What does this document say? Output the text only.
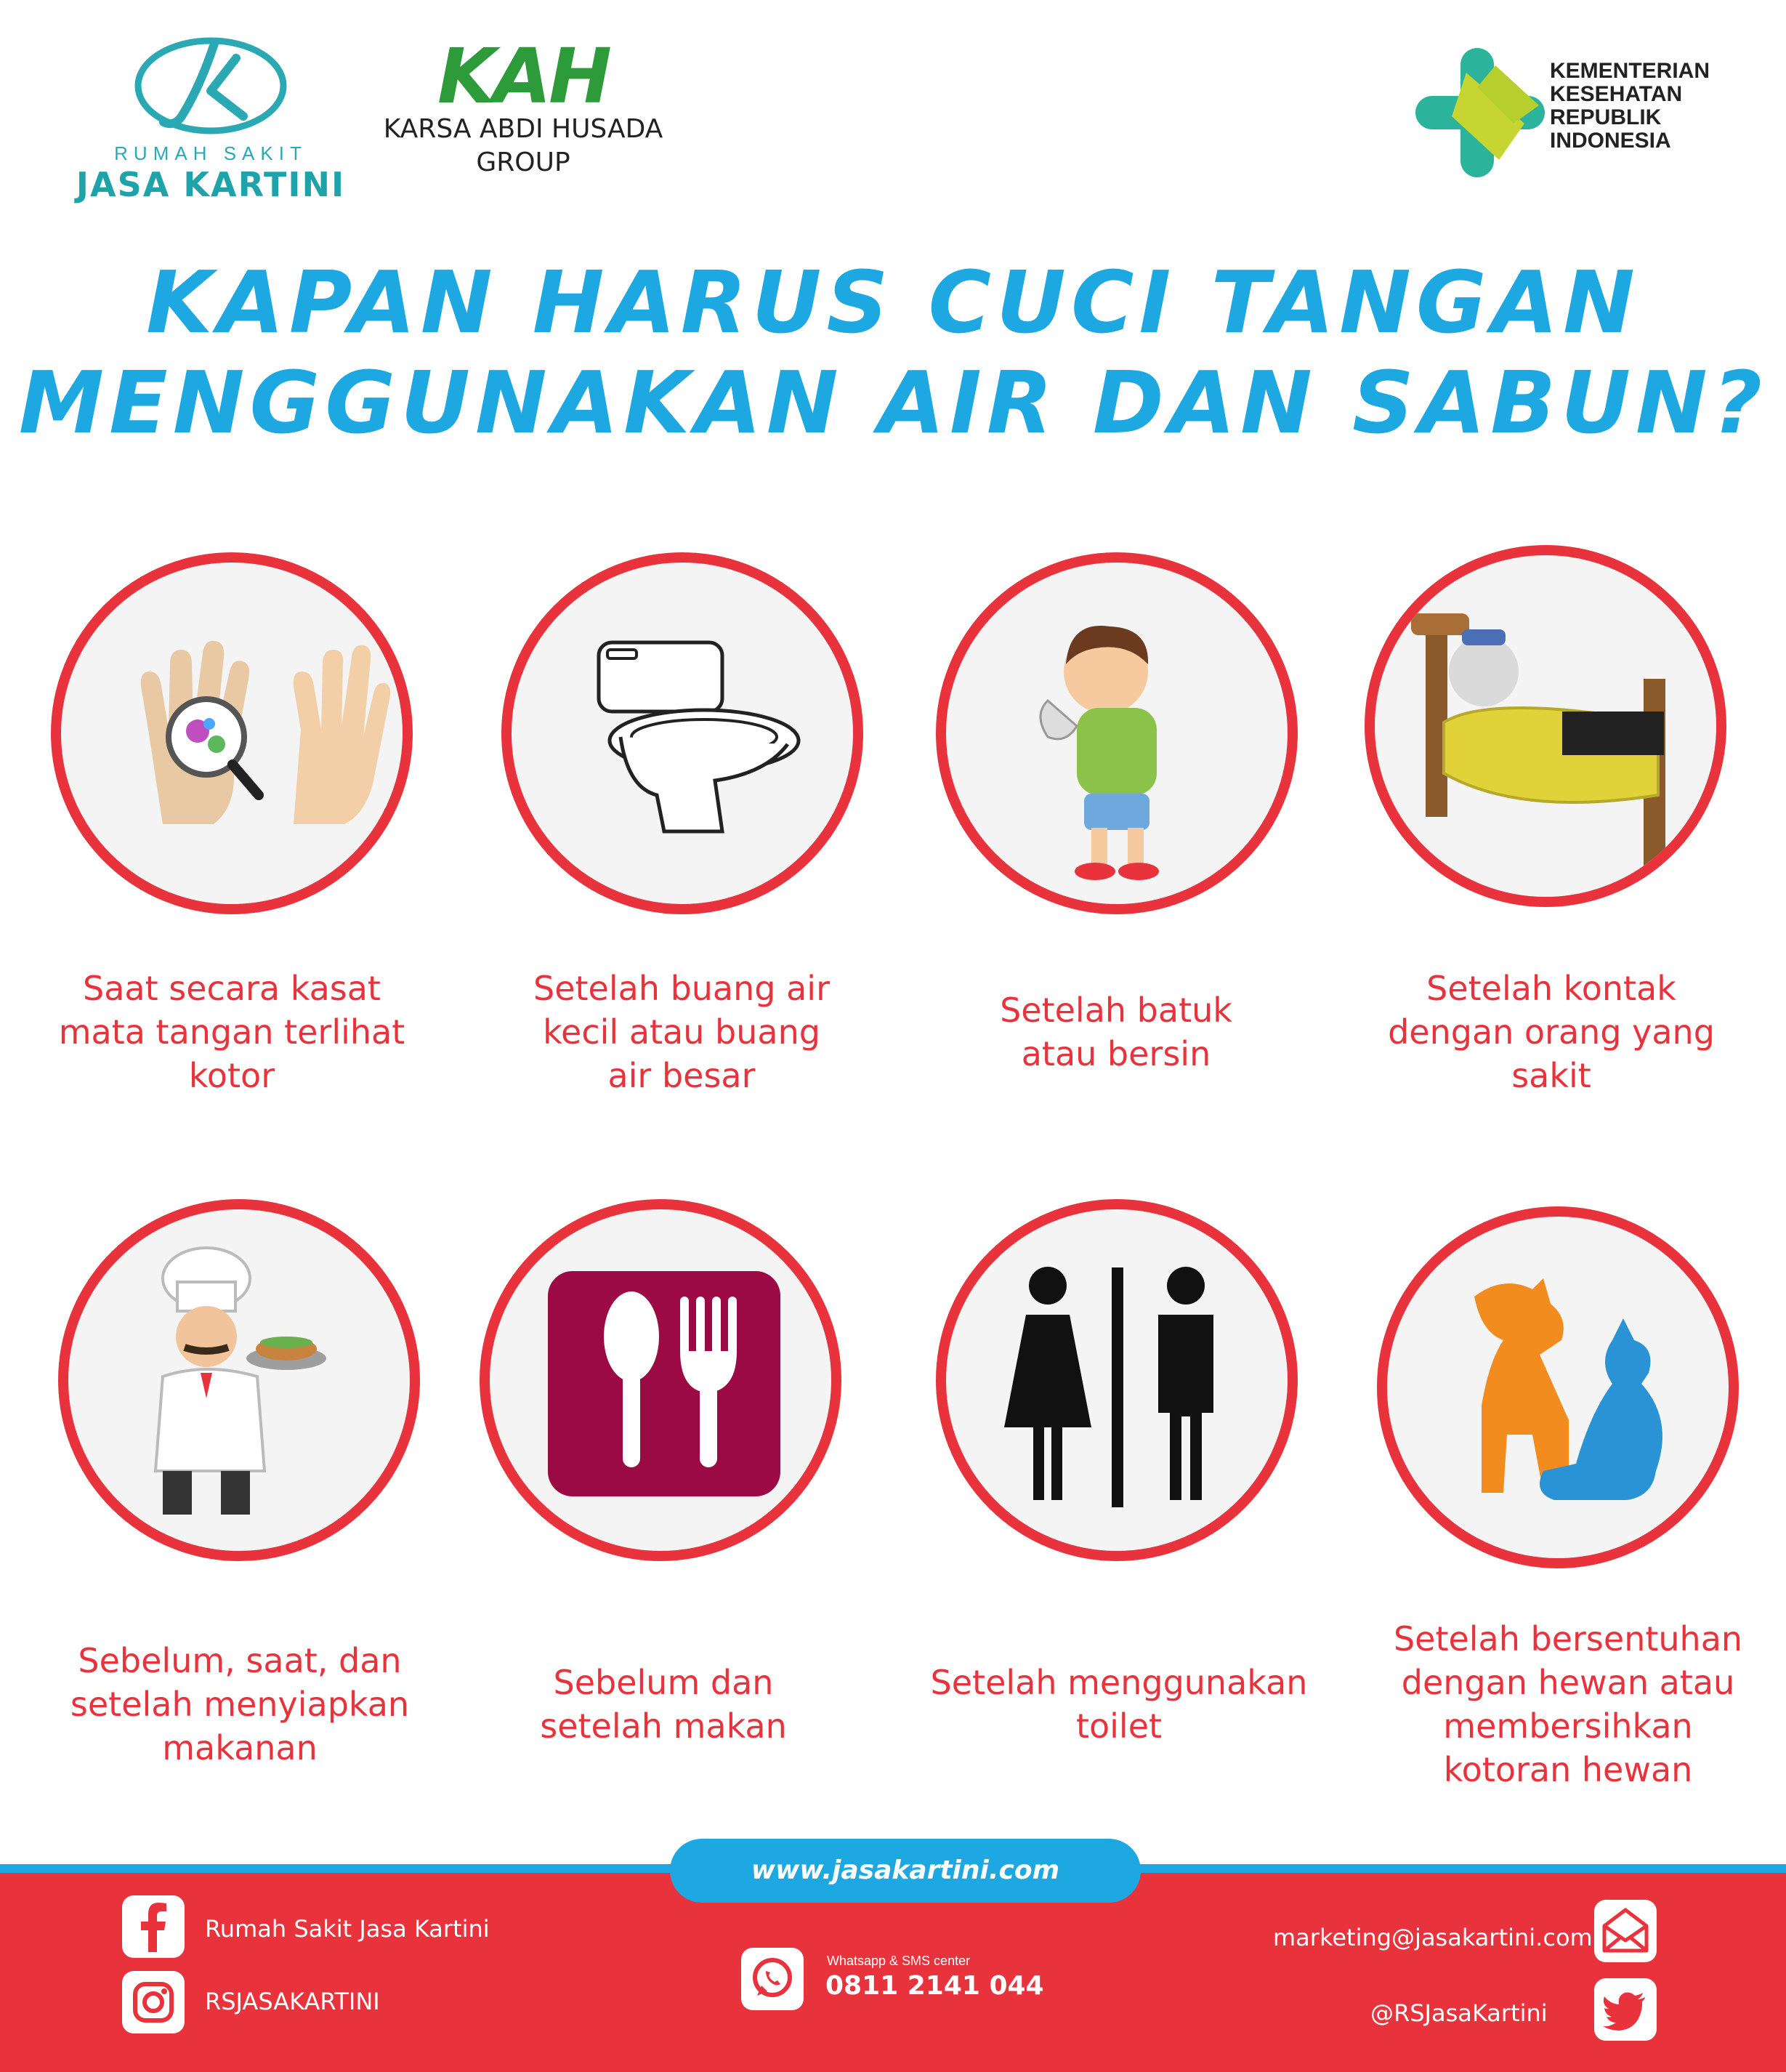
RUMAH SAKIT
JASA KARTINI
KAH
KARSA ABDI HUSADA
GROUP
KEMENTERIAN
KESEHATAN
REPUBLIK
INDONESIA
KAPAN HARUS CUCI TANGAN
MENGGUNAKAN AIR DAN SABUN?
Saat secara kasat
mata tangan terlihat
kotor
Setelah buang air
kecil atau buang
air besar
Setelah batuk
atau bersin
Setelah kontak
dengan orang yang
sakit
Sebelum, saat, dan
setelah menyiapkan
makanan
Sebelum dan
setelah makan
Setelah menggunakan
toilet
Setelah bersentuhan
dengan hewan atau
membersihkan
kotoran hewan
www.jasakartini.com
Rumah Sakit Jasa Kartini
RSJASAKARTINI
Whatsapp & SMS center
0811 2141 044
marketing@jasakartini.com
@RSJasaKartini
